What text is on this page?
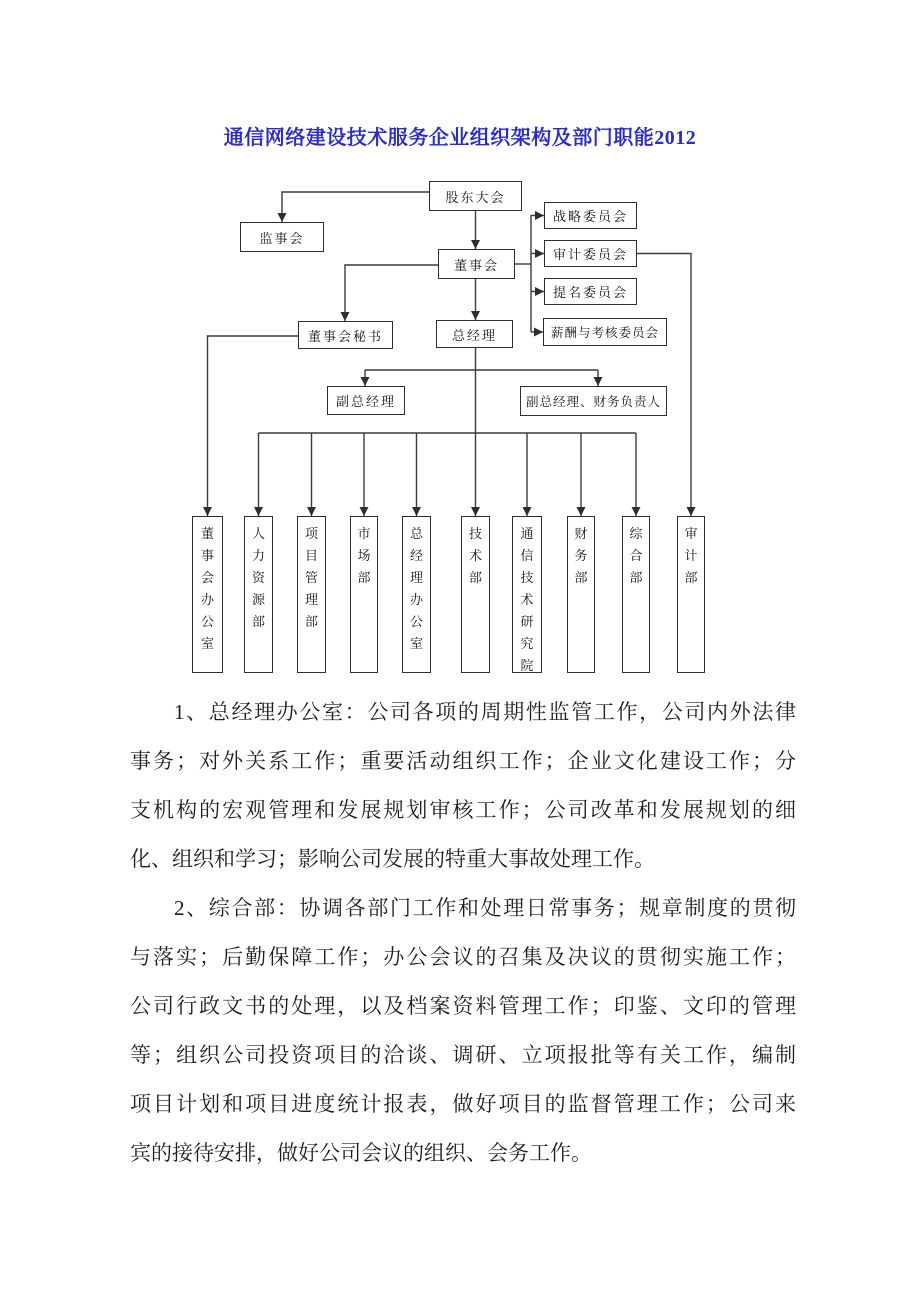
通信网络建设技术服务企业组织架构及部门职能2012
股东大会
监事会
董事会
战略委员会
审计委员会
提名委员会
薪酬与考核委员会
董事会秘书	总经理
副总经理	副总经理、财务负责人
董
事
会
办
公
室
人
力
资
源
部
项
目
管
理
部
市
场
部
总
经
理
办
公
室
技
术
部
通
信
技
术
研
究
院
财
务
部
综
合
部
审
计
部
1、总经理办公室：公司各项的周期性监管工作，公司内外法律
事务；对外关系工作；重要活动组织工作；企业文化建设工作；分
支机构的宏观管理和发展规划审核工作；公司改革和发展规划的细
化、组织和学习；影响公司发展的特重大事故处理工作。
2、综合部：协调各部门工作和处理日常事务；规章制度的贯彻
与落实；后勤保障工作；办公会议的召集及决议的贯彻实施工作；
公司行政文书的处理，以及档案资料管理工作；印鉴、文印的管理
等；组织公司投资项目的洽谈、调研、立项报批等有关工作，编制
项目计划和项目进度统计报表，做好项目的监督管理工作；公司来
宾的接待安排，做好公司会议的组织、会务工作。
